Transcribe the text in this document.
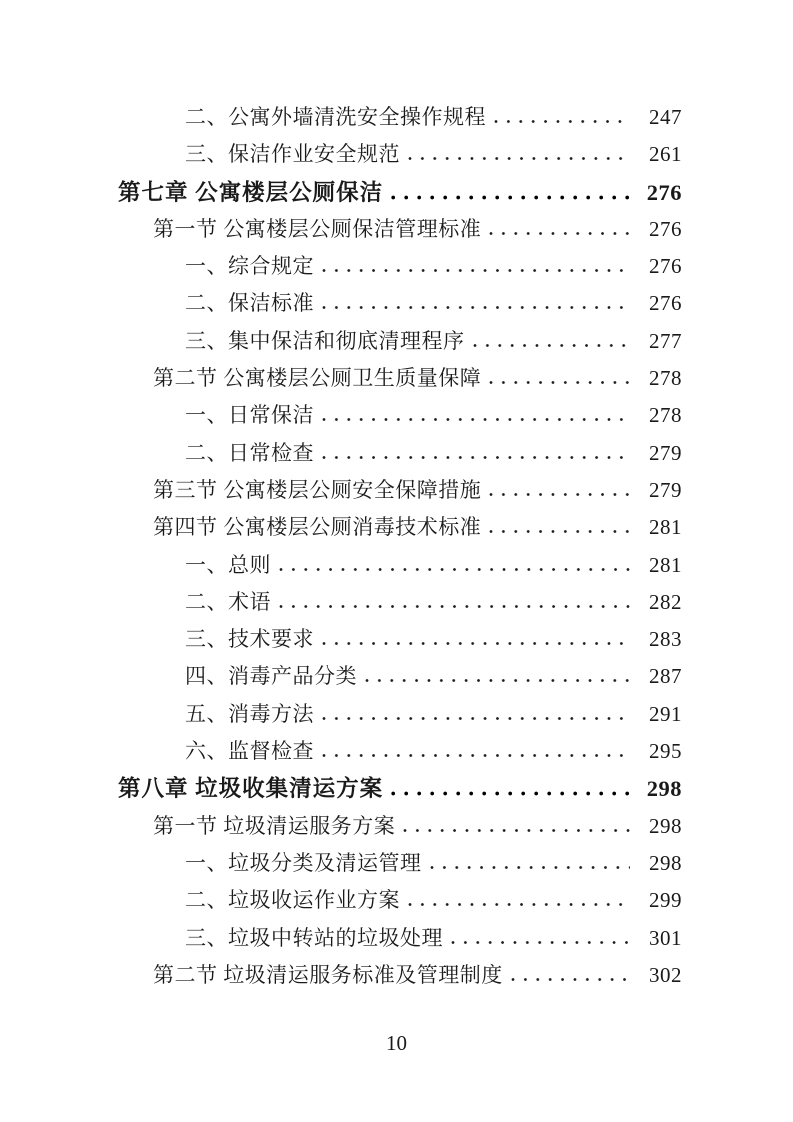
二、公寓外墙清洗安全操作规程	247
三、保洁作业安全规范	261
第七章 公寓楼层公厕保洁	276
第一节 公寓楼层公厕保洁管理标准	276
一、综合规定	276
二、保洁标准	276
三、集中保洁和彻底清理程序	277
第二节 公寓楼层公厕卫生质量保障	278
一、日常保洁	278
二、日常检查	279
第三节 公寓楼层公厕安全保障措施	279
第四节 公寓楼层公厕消毒技术标准	281
一、总则	281
二、术语	282
三、技术要求	283
四、消毒产品分类	287
五、消毒方法	291
六、监督检查	295
第八章 垃圾收集清运方案	298
第一节 垃圾清运服务方案	298
一、垃圾分类及清运管理	298
二、垃圾收运作业方案	299
三、垃圾中转站的垃圾处理	301
第二节 垃圾清运服务标准及管理制度	302
10
